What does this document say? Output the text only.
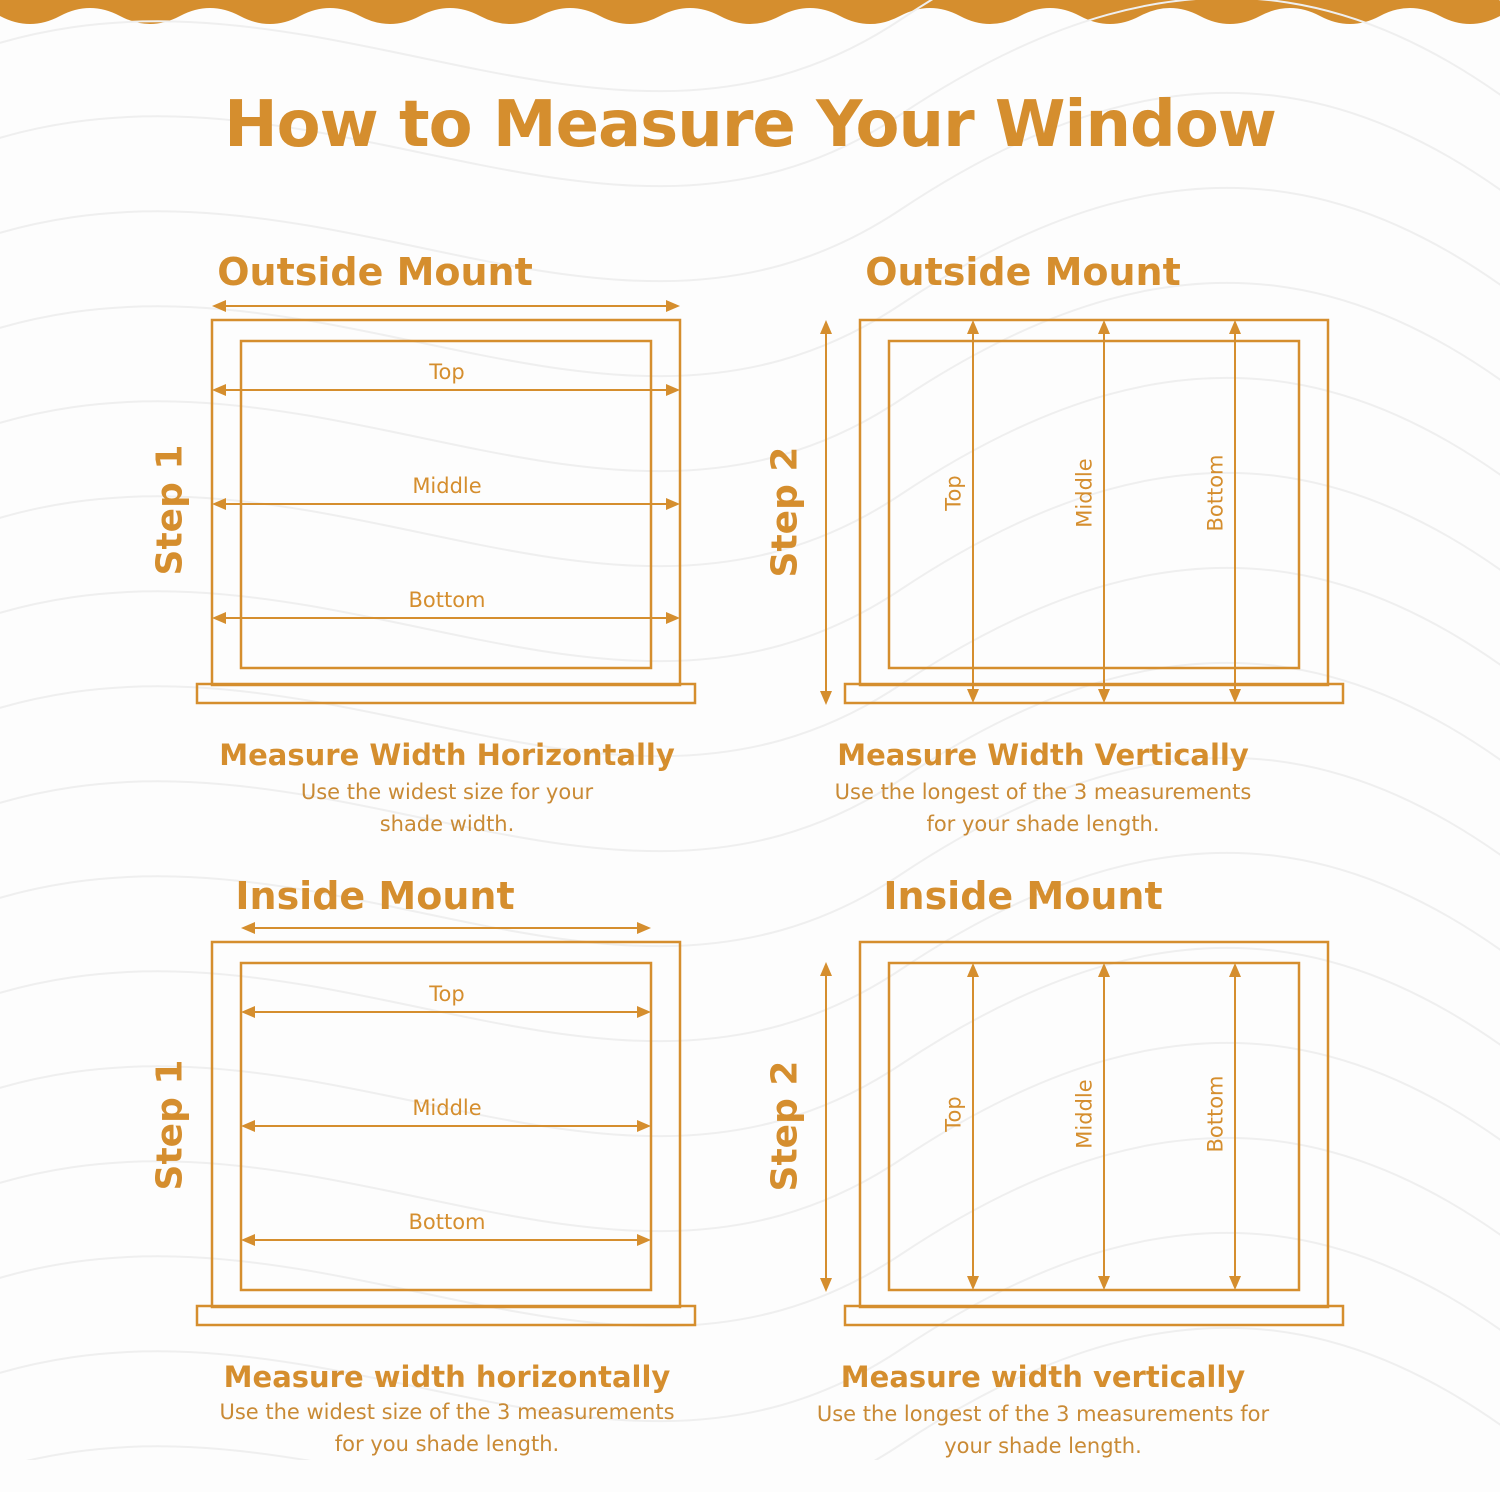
How to Measure Your Window
Outside Mount
Step 1
Top
Middle
Bottom
Measure Width Horizontally

Use the widest size for your

shade width.

Outside Mount
Step 2	Top	Middle	Bottom
Measure Width Vertically

Use the longest of the 3 measurements

for your shade length.

Inside Mount
Step 1
Top
Middle
Bottom
Measure width horizontally

Use the widest size of the 3 measurements

for you shade length.

Inside Mount
Step 2	Top	Middle	Bottom
Measure width vertically

Use the longest of the 3 measurements for

your shade length.
